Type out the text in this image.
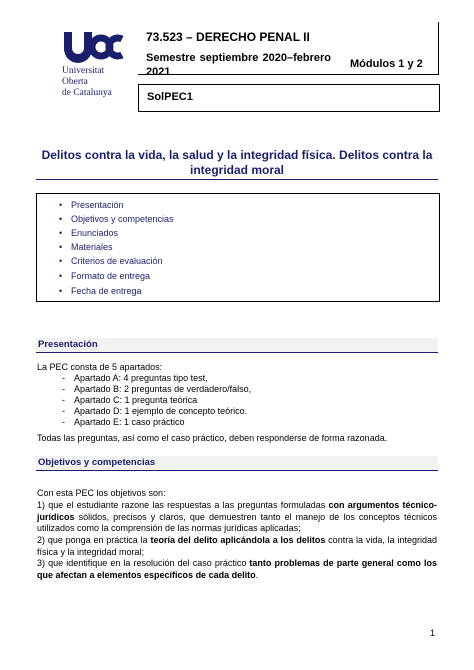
Universitat
Oberta
de Catalunya
73.523 – DERECHO PENAL II
Semestre septiembre 2020–febrero
2021
Módulos 1 y 2
SolPEC1
Delitos contra la vida, la salud y la integridad física. Delitos contra la integridad moral
• Presentación
• Objetivos y competencias
• Enunciados
• Materiales
• Criterios de evaluación
• Formato de entrega
• Fecha de entrega
Presentación
La PEC consta de 5 apartados:
- Apartado A: 4 preguntas tipo test,
- Apartado B: 2 preguntas de verdadero/falso,
- Apartado C: 1 pregunta teórica
- Apartado D: 1 ejemplo de concepto teórico.
- Apartado E: 1 caso práctico
Todas las preguntas, así como el caso práctico, deben responderse de forma razonada.
Objetivos y competencias
Con esta PEC los objetivos son:
1) que el estudiante razone las respuestas a las preguntas formuladas con argumentos técnico-jurídicos sólidos, precisos y claros, que demuestren tanto el manejo de los conceptos técnicos utilizados como la comprensión de las normas jurídicas aplicadas;
2) que ponga en práctica la teoría del delito aplicándola a los delitos contra la vida, la integridad física y la integridad moral;
3) que identifique en la resolución del caso práctico tanto problemas de parte general como los que afectan a elementos específicos de cada delito.
1
